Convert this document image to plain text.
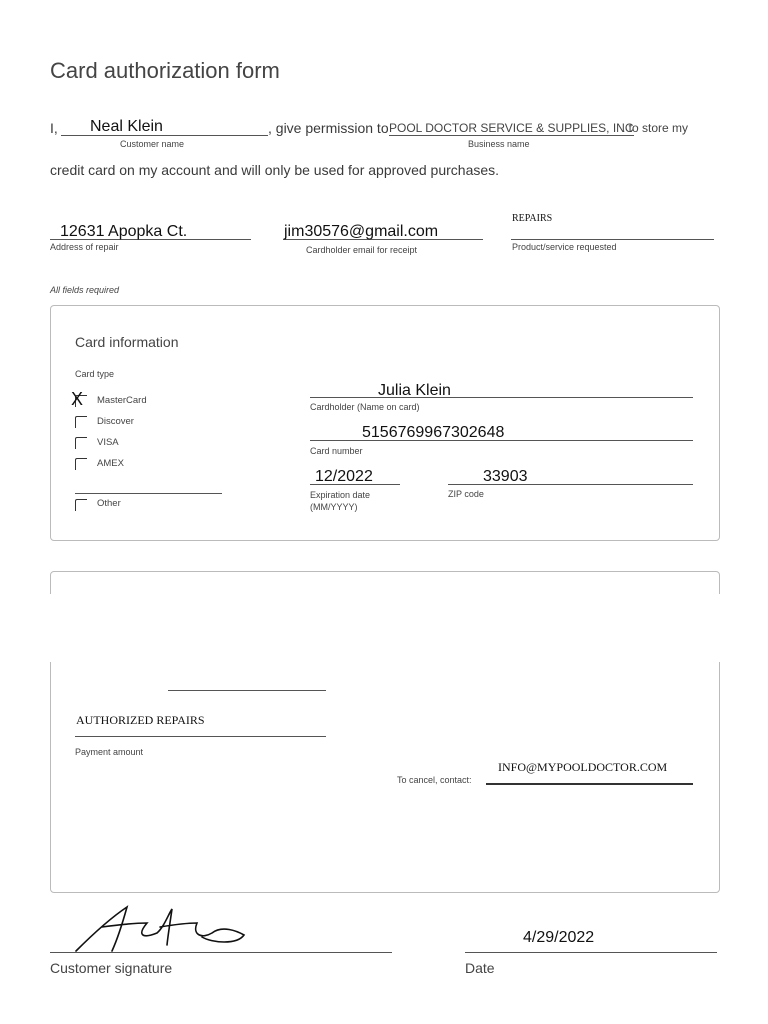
Card authorization form
I, Neal Klein
Customer name
, give permission to POOL DOCTOR SERVICE & SUPPLIES, INC
. to store my
Business name
credit card on my account and will only be used for approved purchases.
12631 Apopka Ct.
Address of repair
jim30576@gmail.com
Cardholder email for receipt
REPAIRS
Product/service requested
All fields required
Card information
Card type
X MasterCard
Discover
VISA
AMEX
Other
Julia Klein
Cardholder (Name on card)
5156769967302648
Card number
12/2022
Expiration date
(MM/YYYY)
33903
ZIP code
AUTHORIZED REPAIRS
Payment amount
To cancel, contact:
INFO@MYPOOLDOCTOR.COM
Customer signature
4/29/2022
Date
